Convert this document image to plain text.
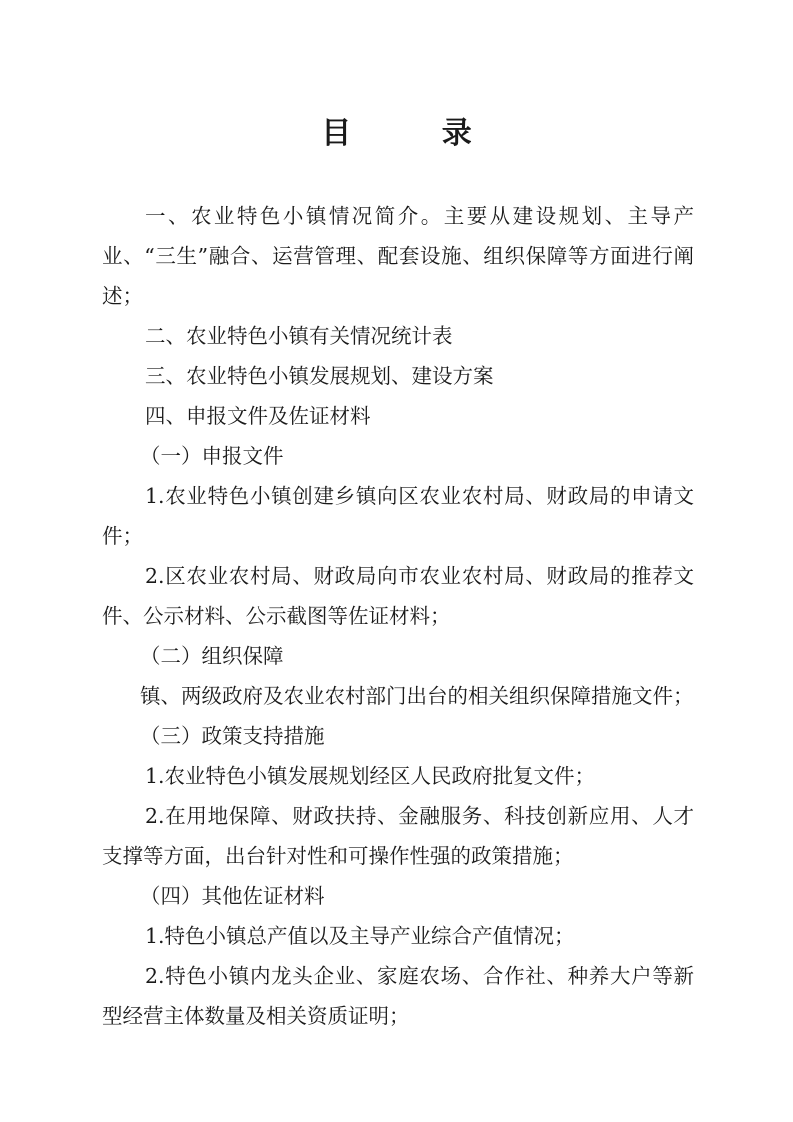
目 录

一、农业特色小镇情况简介。主要从建设规划、主导产业、“三生”融合、运营管理、配套设施、组织保障等方面进行阐述；

二、农业特色小镇有关情况统计表

三、农业特色小镇发展规划、建设方案

四、申报文件及佐证材料

（一）申报文件

1.农业特色小镇创建乡镇向区农业农村局、财政局的申请文件；

2.区农业农村局、财政局向市农业农村局、财政局的推荐文件、公示材料、公示截图等佐证材料；

（二）组织保障

镇、两级政府及农业农村部门出台的相关组织保障措施文件；

（三）政策支持措施

1.农业特色小镇发展规划经区人民政府批复文件；

2.在用地保障、财政扶持、金融服务、科技创新应用、人才支撑等方面，出台针对性和可操作性强的政策措施；

（四）其他佐证材料

1.特色小镇总产值以及主导产业综合产值情况；

2.特色小镇内龙头企业、家庭农场、合作社、种养大户等新型经营主体数量及相关资质证明；
